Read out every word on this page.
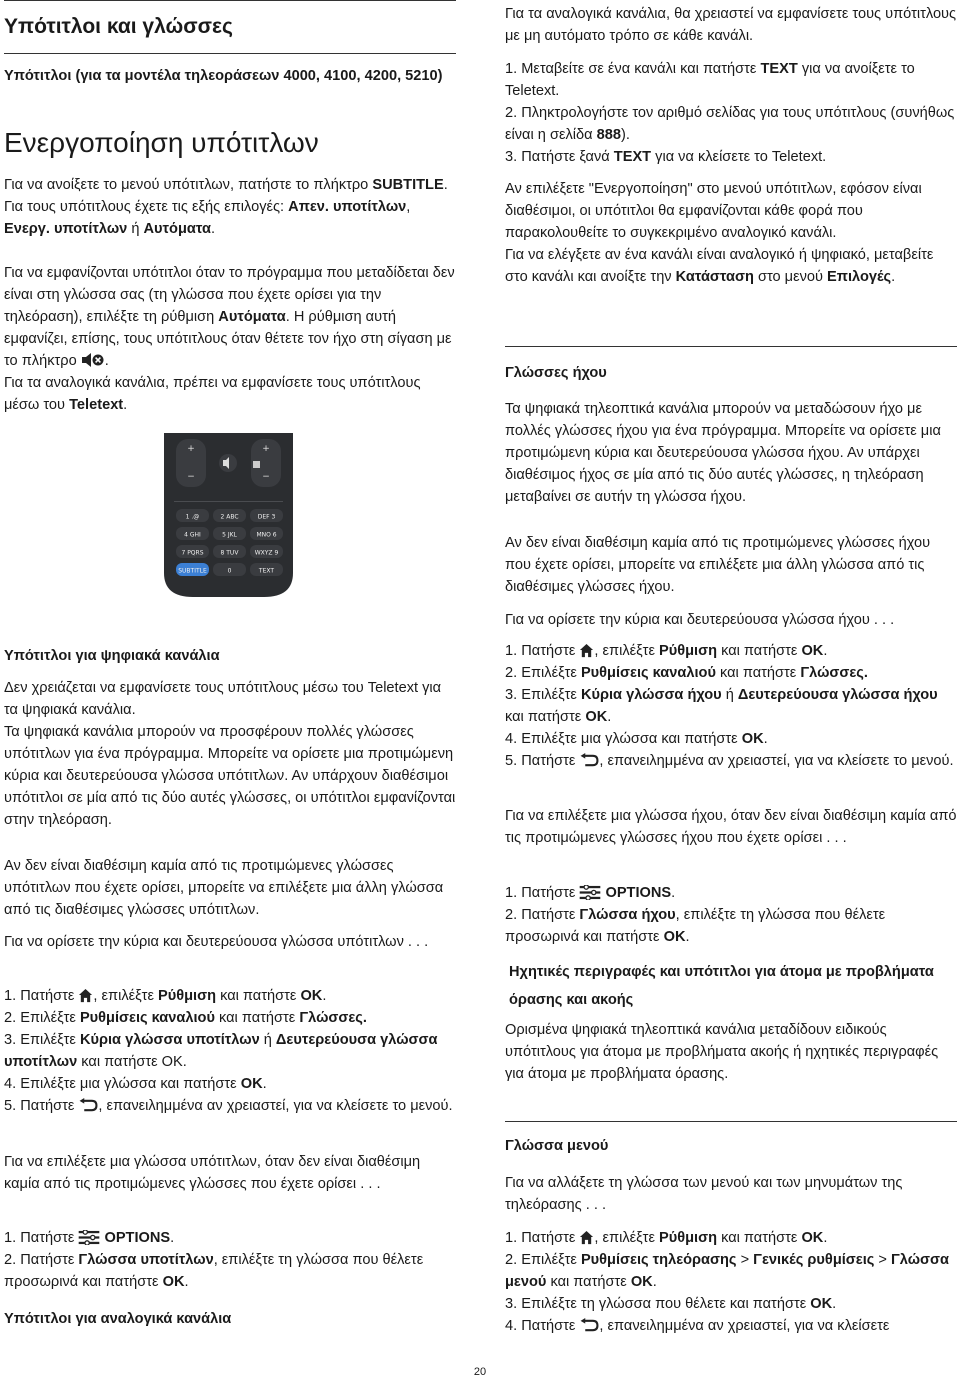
Υπότιτλοι και γλώσσες

Υπότιτλοι (για τα μοντέλα τηλεοράσεων 4000, 4100, 4200, 5210)

Ενεργοποίηση υπότιτλων

Για να ανοίξετε το μενού υπότιτλων, πατήστε το πλήκτρο SUBTITLE.
Για τους υπότιτλους έχετε τις εξής επιλογές: Απεν. υποτίτλων, Ενεργ. υποτίτλων ή Αυτόματα.

Για να εμφανίζονται υπότιτλοι όταν το πρόγραμμα που μεταδίδεται δεν είναι στη γλώσσα σας (τη γλώσσα που έχετε ορίσει για την τηλεόραση), επιλέξτε τη ρύθμιση Αυτόματα. Η ρύθμιση αυτή εμφανίζει, επίσης, τους υπότιτλους όταν θέτετε τον ήχο στη σίγαση με το πλήκτρο .
Για τα αναλογικά κανάλια, πρέπει να εμφανίσετε τους υπότιτλους μέσω του Teletext.

+
−
+
−
1 .@	2 ABC	DEF 3
4 GHI	5 JKL	MNO 6
7 PQRS	8 TUV	WXYZ 9
SUBTITLE	0	TEXT

Υπότιτλοι για ψηφιακά κανάλια

Δεν χρειάζεται να εμφανίσετε τους υπότιτλους μέσω του Teletext για τα ψηφιακά κανάλια.

Τα ψηφιακά κανάλια μπορούν να προσφέρουν πολλές γλώσσες υπότιτλων για ένα πρόγραμμα. Μπορείτε να ορίσετε μια προτιμώμενη κύρια και δευτερεύουσα γλώσσα υπότιτλων. Αν υπάρχουν διαθέσιμοι υπότιτλοι σε μία από τις δύο αυτές γλώσσες, οι υπότιτλοι εμφανίζονται στην τηλεόραση.

Αν δεν είναι διαθέσιμη καμία από τις προτιμώμενες γλώσσες υπότιτλων που έχετε ορίσει, μπορείτε να επιλέξετε μια άλλη γλώσσα από τις διαθέσιμες γλώσσες υπότιτλων.

Για να ορίσετε την κύρια και δευτερεύουσα γλώσσα υπότιτλων . . .

1. Πατήστε , επιλέξτε Ρύθμιση και πατήστε OK.
2. Επιλέξτε Ρυθμίσεις καναλιού και πατήστε Γλώσσες.
3. Επιλέξτε Κύρια γλώσσα υποτίτλων ή Δευτερεύουσα γλώσσα υποτίτλων και πατήστε OK.
4. Επιλέξτε μια γλώσσα και πατήστε OK.
5. Πατήστε , επανειλημμένα αν χρειαστεί, για να κλείσετε το μενού.

Για να επιλέξετε μια γλώσσα υπότιτλων, όταν δεν είναι διαθέσιμη καμία από τις προτιμώμενες γλώσσες που έχετε ορίσει . . .

1. Πατήστε  OPTIONS.
2. Πατήστε Γλώσσα υποτίτλων, επιλέξτε τη γλώσσα που θέλετε προσωρινά και πατήστε OK.

Υπότιτλοι για αναλογικά κανάλια

Για τα αναλογικά κανάλια, θα χρειαστεί να εμφανίσετε τους υπότιτλους με μη αυτόματο τρόπο σε κάθε κανάλι.

1. Μεταβείτε σε ένα κανάλι και πατήστε TEXT για να ανοίξετε το Teletext.
2. Πληκτρολογήστε τον αριθμό σελίδας για τους υπότιτλους (συνήθως είναι η σελίδα 888).
3. Πατήστε ξανά TEXT για να κλείσετε το Teletext.

Αν επιλέξετε "Ενεργοποίηση" στο μενού υπότιτλων, εφόσον είναι διαθέσιμοι, οι υπότιτλοι θα εμφανίζονται κάθε φορά που παρακολουθείτε το συγκεκριμένο αναλογικό κανάλι.

Για να ελέγξετε αν ένα κανάλι είναι αναλογικό ή ψηφιακό, μεταβείτε στο κανάλι και ανοίξτε την Κατάσταση στο μενού Επιλογές.

Γλώσσες ήχου

Τα ψηφιακά τηλεοπτικά κανάλια μπορούν να μεταδώσουν ήχο με πολλές γλώσσες ήχου για ένα πρόγραμμα. Μπορείτε να ορίσετε μια προτιμώμενη κύρια και δευτερεύουσα γλώσσα ήχου. Αν υπάρχει διαθέσιμος ήχος σε μία από τις δύο αυτές γλώσσες, η τηλεόραση μεταβαίνει σε αυτήν τη γλώσσα ήχου.

Αν δεν είναι διαθέσιμη καμία από τις προτιμώμενες γλώσσες ήχου που έχετε ορίσει, μπορείτε να επιλέξετε μια άλλη γλώσσα από τις διαθέσιμες γλώσσες ήχου.

Για να ορίσετε την κύρια και δευτερεύουσα γλώσσα ήχου . . .

1. Πατήστε , επιλέξτε Ρύθμιση και πατήστε OK.
2. Επιλέξτε Ρυθμίσεις καναλιού και πατήστε Γλώσσες.
3. Επιλέξτε Κύρια γλώσσα ήχου ή Δευτερεύουσα γλώσσα ήχου και πατήστε OK.
4. Επιλέξτε μια γλώσσα και πατήστε OK.
5. Πατήστε , επανειλημμένα αν χρειαστεί, για να κλείσετε το μενού.

Για να επιλέξετε μια γλώσσα ήχου, όταν δεν είναι διαθέσιμη καμία από τις προτιμώμενες γλώσσες ήχου που έχετε ορίσει . . .

1. Πατήστε  OPTIONS.
2. Πατήστε Γλώσσα ήχου, επιλέξτε τη γλώσσα που θέλετε προσωρινά και πατήστε OK.

Ηχητικές περιγραφές και υπότιτλοι για άτομα με προβλήματα όρασης και ακοής

Ορισμένα ψηφιακά τηλεοπτικά κανάλια μεταδίδουν ειδικούς υπότιτλους για άτομα με προβλήματα ακοής ή ηχητικές περιγραφές για άτομα με προβλήματα όρασης.

Γλώσσα μενού

Για να αλλάξετε τη γλώσσα των μενού και των μηνυμάτων της τηλεόρασης . . .

1. Πατήστε , επιλέξτε Ρύθμιση και πατήστε OK.
2. Επιλέξτε Ρυθμίσεις τηλεόρασης > Γενικές ρυθμίσεις > Γλώσσα μενού και πατήστε OK.
3. Επιλέξτε τη γλώσσα που θέλετε και πατήστε OK.
4. Πατήστε , επανειλημμένα αν χρειαστεί, για να κλείσετε

20
